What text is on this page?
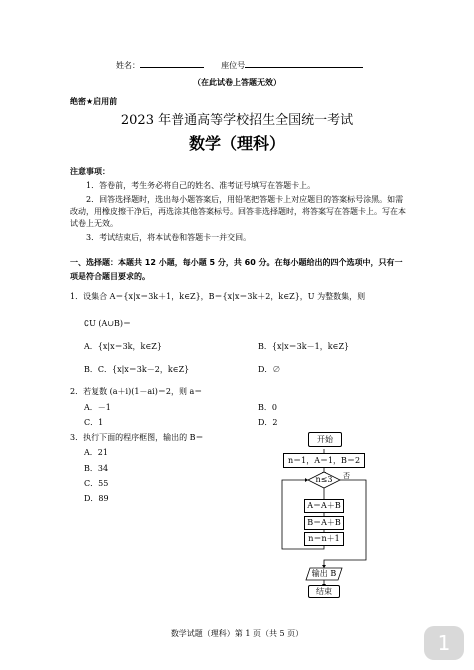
姓名：	座位号
（在此试卷上答题无效）
绝密★启用前
2023 年普通高等学校招生全国统一考试
数学（理科）
注意事项：
1．答卷前，考生务必将自己的姓名、准考证号填写在答题卡上。
2．回答选择题时，选出每小题答案后，用铅笔把答题卡上对应题目的答案标号涂黑。如需改动，用橡皮擦干净后，再选涂其他答案标号。回答非选择题时，将答案写在答题卡上。写在本试卷上无效。
3．考试结束后，将本试卷和答题卡一并交回。
一、选择题：本题共 12 小题，每小题 5 分，共 60 分。在每小题给出的四个选项中，只有一项是符合题目要求的。
1．设集合 A＝{x|x＝3k＋1，k∈Z}，B＝{x|x＝3k＋2，k∈Z}，U 为整数集，则
∁U (A∪B)＝
A．{x|x＝3k，k∈Z}	B．{x|x＝3k－1，k∈Z}
B．C．{x|x＝3k－2，k∈Z}	D．∅
2．若复数 (a＋i)(1－ai)＝2，则 a＝
A．－1	B．0
C．1	D．2
3．执行下面的程序框图，输出的 B＝
A．21
B．34
C．55
D．89
开始
n＝1，A＝1，B＝2
n≤3	否
A＝A＋B
B＝A＋B
n＝n＋1
输出 B
结束
数学试题（理科）第 1 页（共 5 页）	1
